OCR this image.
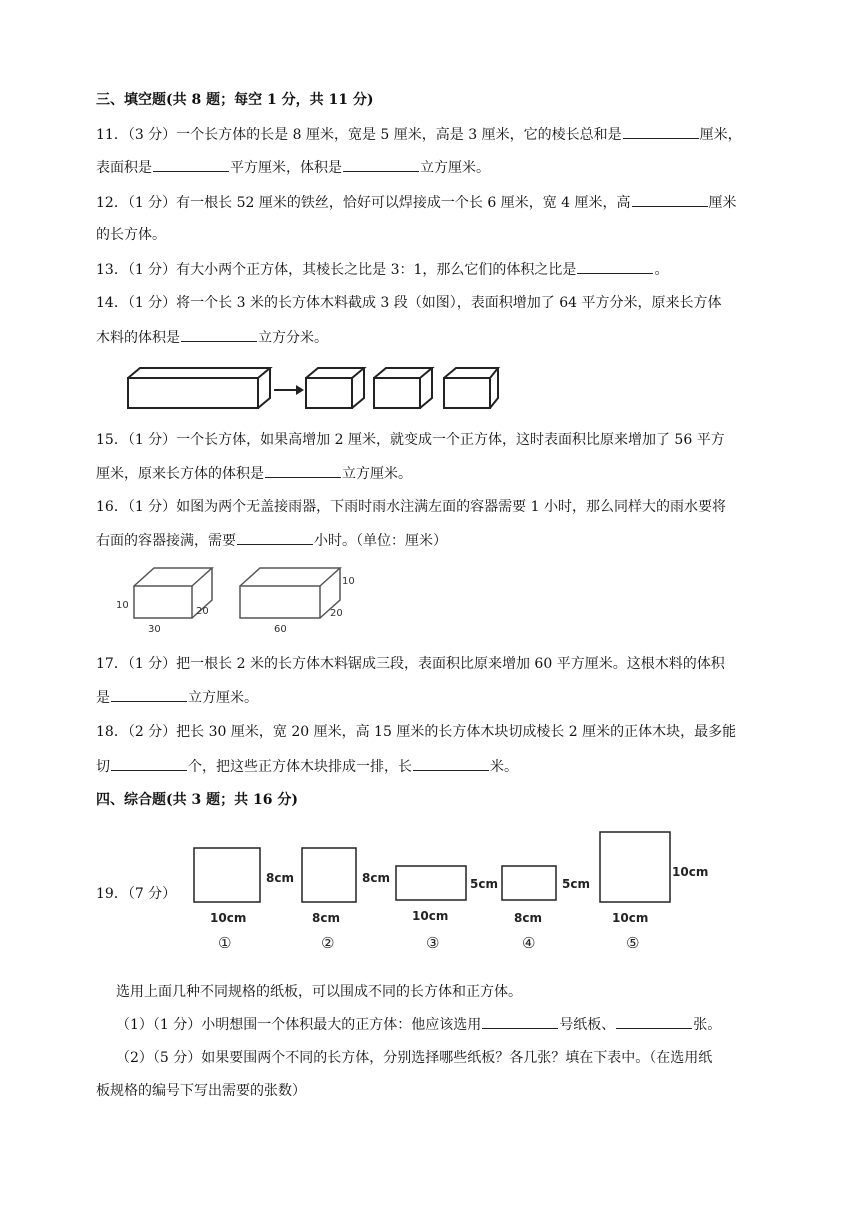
三、填空题(共 8 题；每空 1 分，共 11 分)
11．（3 分）一个长方体的长是 8 厘米，宽是 5 厘米，高是 3 厘米，它的棱长总和是	厘米，
表面积是	平方厘米，体积是	立方厘米。
12．（1 分）有一根长 52 厘米的铁丝，恰好可以焊接成一个长 6 厘米，宽 4 厘米，高	厘米
的长方体。
13．（1 分）有大小两个正方体，其棱长之比是 3：1，那么它们的体积之比是	。
14．（1 分）将一个长 3 米的长方体木料截成 3 段（如图），表面积增加了 64 平方分米，原来长方体
木料的体积是	立方分米。
15．（1 分）一个长方体，如果高增加 2 厘米，就变成一个正方体，这时表面积比原来增加了 56 平方
厘米，原来长方体的体积是	立方厘米。
16．（1 分）如图为两个无盖接雨器，下雨时雨水注满左面的容器需要 1 小时，那么同样大的雨水要将
右面的容器接满，需要	小时。（单位：厘米）
10
30
20
10
60
20
17．（1 分）把一根长 2 米的长方体木料锯成三段，表面积比原来增加 60 平方厘米。这根木料的体积
是	立方厘米。
18．（2 分）把长 30 厘米，宽 20 厘米，高 15 厘米的长方体木块切成棱长 2 厘米的正体木块，最多能
切	个，把这些正方体木块排成一排，长	米。
四、综合题(共 3 题；共 16 分)
19．（7 分）
8cm
10cm
①
8cm
8cm
②
5cm
10cm
③
5cm
8cm
④
10cm
10cm
⑤
选用上面几种不同规格的纸板，可以围成不同的长方体和正方体。
（1）（1 分）小明想围一个体积最大的正方体：他应该选用	号纸板、	张。
（2）（5 分）如果要围两个不同的长方体，分别选择哪些纸板？各几张？填在下表中。（在选用纸
板规格的编号下写出需要的张数）
